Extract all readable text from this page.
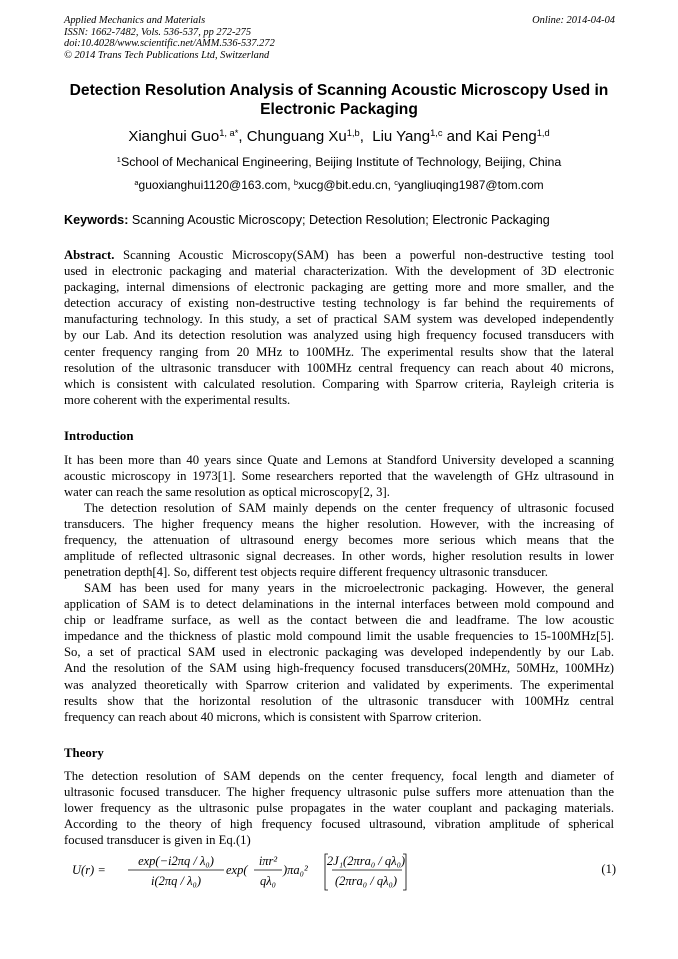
Applied Mechanics and Materials
ISSN: 1662-7482, Vols. 536-537, pp 272-275
doi:10.4028/www.scientific.net/AMM.536-537.272
© 2014 Trans Tech Publications Ltd, Switzerland
Online: 2014-04-04
Detection Resolution Analysis of Scanning Acoustic Microscopy Used in
Electronic Packaging
Xianghui Guo$^{1, a*}$, Chunguang Xu$^{1,b}$,  Liu Yang$^{1,c}$ and Kai Peng$^{1,d}$
$^1$School of Mechanical Engineering, Beijing Institute of Technology, Beijing, China
$^a$guoxianghui1120@163.com, $^b$xucg@bit.edu.cn, $^c$yangliuqing1987@tom.com
Keywords: Scanning Acoustic Microscopy; Detection Resolution; Electronic Packaging
Abstract. Scanning Acoustic Microscopy(SAM) has been a powerful non-destructive testing tool
used in electronic packaging and material characterization. With the development of 3D electronic
packaging, internal dimensions of electronic packaging are getting more and more smaller, and the
detection accuracy of existing non-destructive testing technology is far behind the requirements of
manufacturing technology. In this study, a set of practical SAM system was developed independently
by our Lab. And its detection resolution was analyzed using high frequency focused transducers with
center frequency ranging from 20 MHz to 100MHz. The experimental results show that the lateral
resolution of the ultrasonic transducer with 100MHz central frequency can reach about 40 microns,
which is consistent with calculated resolution. Comparing with Sparrow criteria, Rayleigh criteria is
more coherent with the experimental results.
Introduction
It has been more than 40 years since Quate and Lemons at Standford University developed a scanning
acoustic microscopy in 1973[1]. Some researchers reported that the wavelength of GHz ultrasound in
water can reach the same resolution as optical microscopy[2, 3].
The detection resolution of SAM mainly depends on the center frequency of ultrasonic focused
transducers. The higher frequency means the higher resolution. However, with the increasing of
frequency, the attenuation of ultrasound energy becomes more serious which means that the
amplitude of reflected ultrasonic signal decreases. In other words, higher resolution results in lower
penetration depth[4]. So, different test objects require different frequency ultrasonic transducer.
SAM has been used for many years in the microelectronic packaging. However, the general
application of SAM is to detect delaminations in the internal interfaces between mold compound and
chip or leadframe surface, as well as the contact between die and leadframe. The low acoustic
impedance and the thickness of plastic mold compound limit the usable frequencies to 15-100MHz[5].
So, a set of practical SAM used in electronic packaging was developed independently by our Lab.
And the resolution of the SAM using high-frequency focused transducers(20MHz, 50MHz, 100MHz)
was analyzed theoretically with Sparrow criterion and validated by experiments. The experimental
results show that the horizontal resolution of the ultrasonic transducer with 100MHz central
frequency can reach about 40 microns, which is consistent with Sparrow criterion.
Theory
The detection resolution of SAM depends on the center frequency, focal length and diameter of
ultrasonic focused transducer. The higher frequency ultrasonic pulse suffers more attenuation than the
lower frequency as the ultrasonic pulse propagates in the water couplant and packaging materials.
According to the theory of high frequency focused ultrasound, vibration amplitude of spherical
focused transducer is given in Eq.(1)
U(r) =
exp(−i2πq / λ₀)
i(2πq / λ₀)
exp(
iπr²
qλ₀
)πa₀²
2J₁(2πra₀ / qλ₀)
(2πra₀ / qλ₀)
(1)
